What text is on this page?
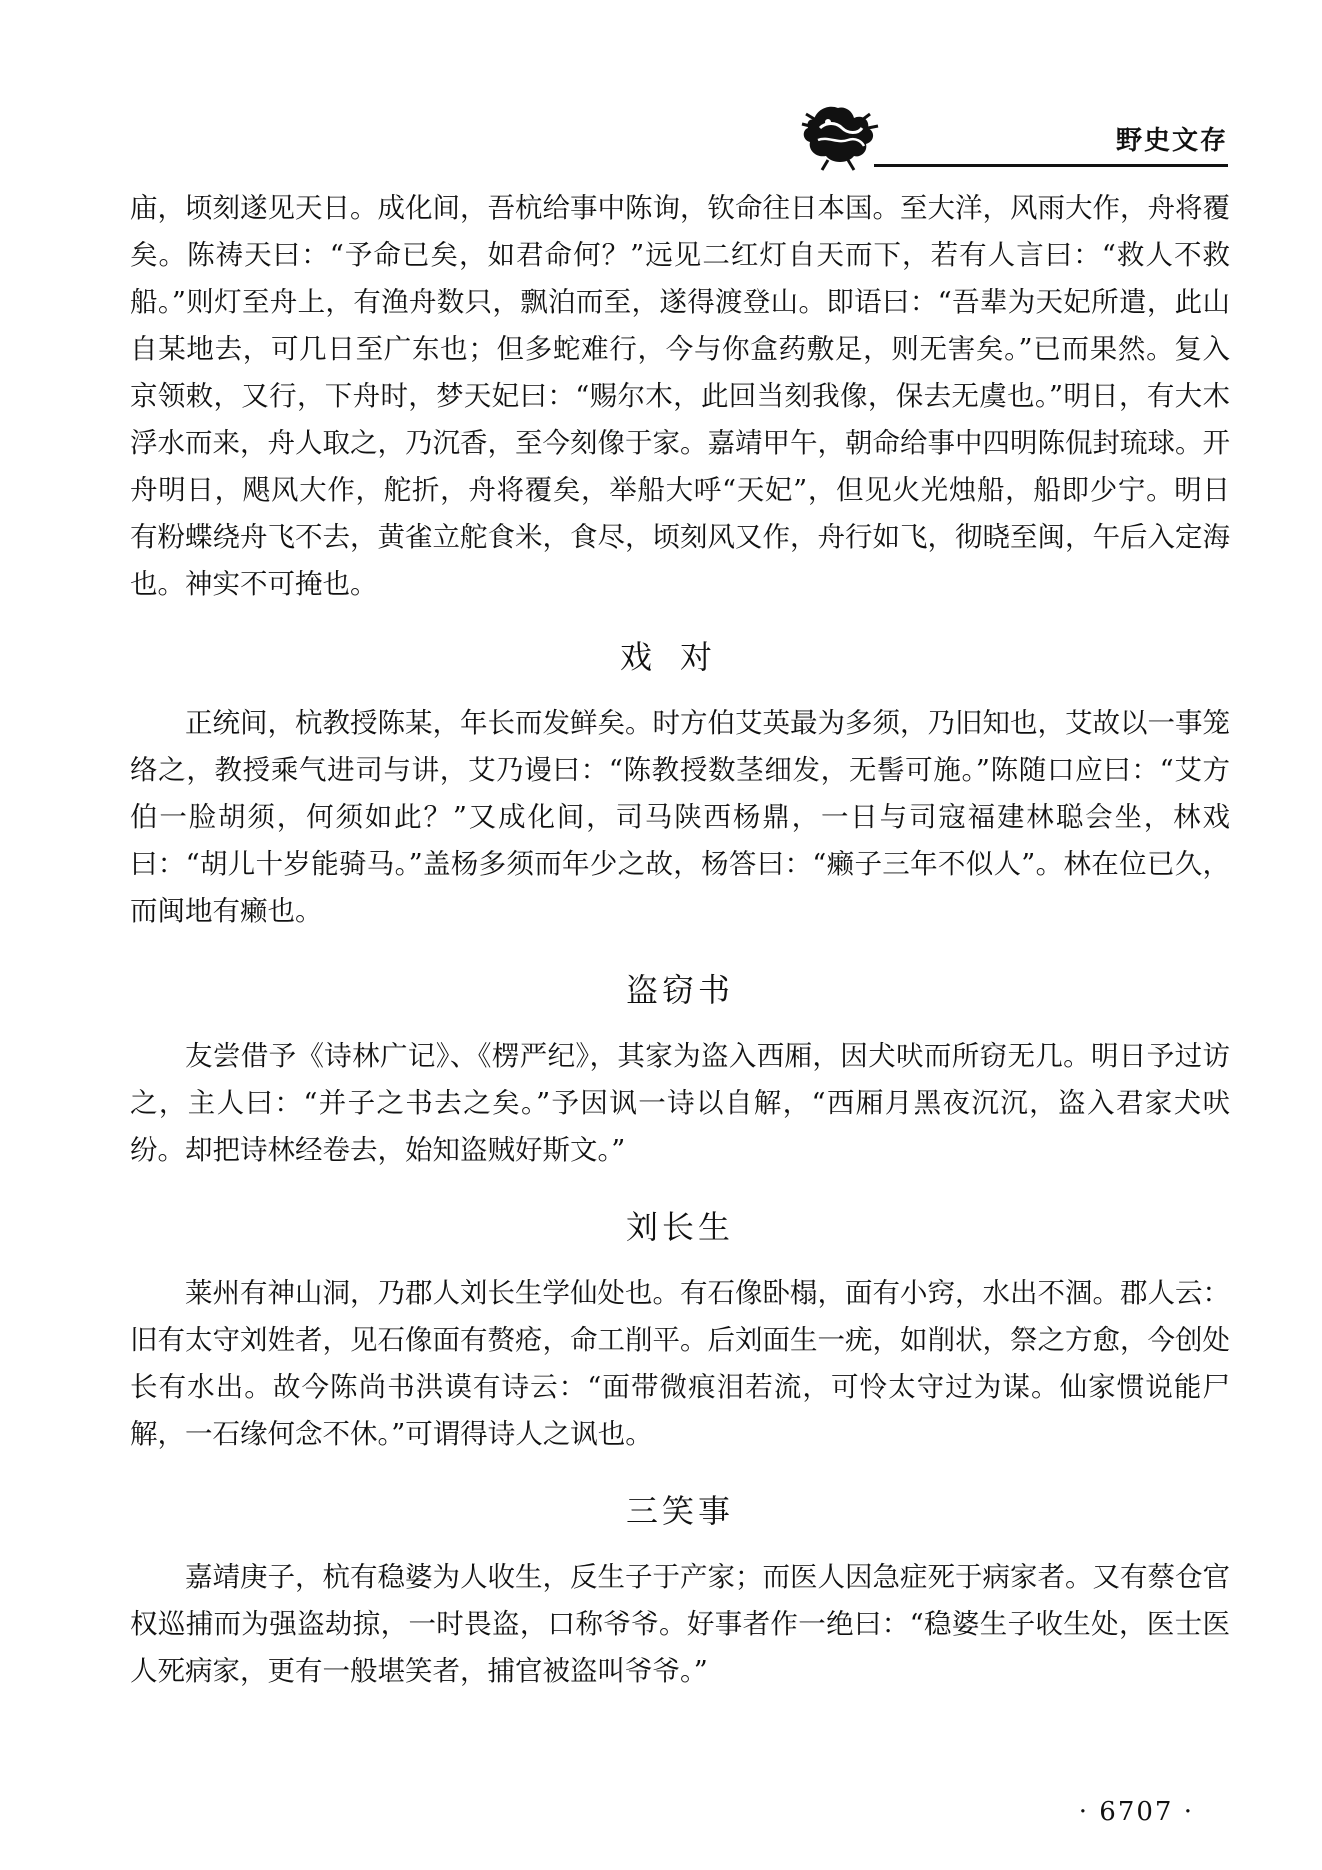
野史文存

庙，顷刻遂见天日。成化间，吾杭给事中陈询，钦命往日本国。至大洋，风雨大作，舟将覆矣。陈祷天曰：“予命已矣，如君命何？”远见二红灯自天而下，若有人言曰：“救人不救船。”则灯至舟上，有渔舟数只，飘泊而至，遂得渡登山。即语曰：“吾辈为天妃所遣，此山自某地去，可几日至广东也；但多蛇难行，今与你盒药敷足，则无害矣。”已而果然。复入京领敕，又行，下舟时，梦天妃曰：“赐尔木，此回当刻我像，保去无虞也。”明日，有大木浮水而来，舟人取之，乃沉香，至今刻像于家。嘉靖甲午，朝命给事中四明陈侃封琉球。开舟明日，飓风大作，舵折，舟将覆矣，举船大呼“天妃”，但见火光烛船，船即少宁。明日有粉蝶绕舟飞不去，黄雀立舵食米，食尽，顷刻风又作，舟行如飞，彻晓至闽，午后入定海也。神实不可掩也。

戏对

正统间，杭教授陈某，年长而发鲜矣。时方伯艾英最为多须，乃旧知也，艾故以一事笼络之，教授乘气进司与讲，艾乃谩曰：“陈教授数茎细发，无髻可施。”陈随口应曰：“艾方伯一脸胡须，何须如此？”又成化间，司马陕西杨鼎，一日与司寇福建林聪会坐，林戏曰：“胡儿十岁能骑马。”盖杨多须而年少之故，杨答曰：“癞子三年不似人”。林在位已久，而闽地有癞也。

盗窃书

友尝借予《诗林广记》、《楞严纪》，其家为盗入西厢，因犬吠而所窃无几。明日予过访之，主人曰：“并子之书去之矣。”予因讽一诗以自解，“西厢月黑夜沉沉，盗入君家犬吠纷。却把诗林经卷去，始知盗贼好斯文。”

刘长生

莱州有神山洞，乃郡人刘长生学仙处也。有石像卧榻，面有小窍，水出不涸。郡人云：旧有太守刘姓者，见石像面有赘疮，命工削平。后刘面生一疣，如削状，祭之方愈，今创处长有水出。故今陈尚书洪谟有诗云：“面带微痕泪若流，可怜太守过为谋。仙家惯说能尸解，一石缘何念不休。”可谓得诗人之讽也。

三笑事

嘉靖庚子，杭有稳婆为人收生，反生子于产家；而医人因急症死于病家者。又有蔡仓官权巡捕而为强盗劫掠，一时畏盗，口称爷爷。好事者作一绝曰：“稳婆生子收生处，医士医人死病家，更有一般堪笑者，捕官被盗叫爷爷。”

· 6707 ·
